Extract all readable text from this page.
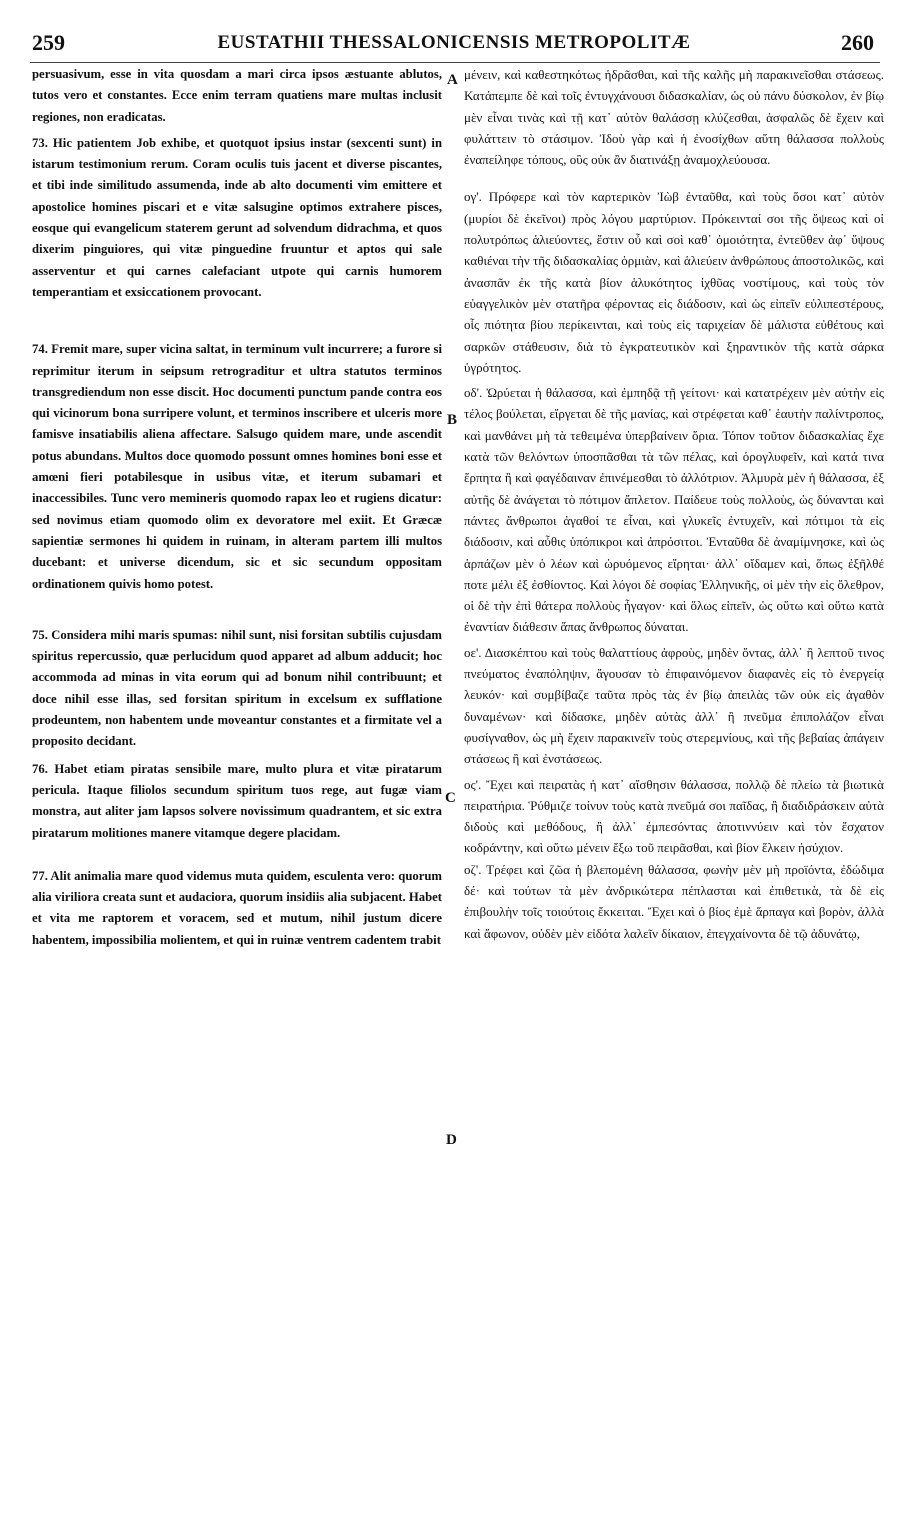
259	EUSTATHII THESSALONICENSIS METROPOLITÆ	260

persuasivum, esse in vita quosdam a mari circa ipsos æstuante ablutos, tutos vero et constantes. Ecce enim terram quatiens mare multas inclusit regiones, non eradicatas.

73. Hic patientem Job exhibe, et quotquot ipsius instar (sexcenti sunt) in istarum testimonium rerum. Coram oculis tuis jacent et diverse piscantes, et tibi inde similitudo assumenda, inde ab alto documenti vim emittere et apostolice homines piscari et e vitæ salsugine optimos extrahere pisces, eosque qui evangelicum staterem gerunt ad solvendum didrachma, et quos dixerim pinguiores, qui vitæ pinguedine fruuntur et aptos qui sale asserventur et qui carnes calefaciant utpote qui carnis humorem temperantiam et exsiccationem provocant.

74. Fremit mare, super vicina saltat, in terminum vult incurrere; a furore si reprimitur iterum in seipsum retrograditur et ultra statutos terminos transgrediendum non esse discit. Hoc documenti punctum pande contra eos qui vicinorum bona surripere volunt, et terminos inscribere et ulceris more famisve insatiabilis aliena affectare. Salsugo quidem mare, unde ascendit potus abundans. Multos doce quomodo possunt omnes homines boni esse et amœni fieri potabilesque in usibus vitæ, et iterum subamari et inaccessibiles. Tunc vero memineris quomodo rapax leo et rugiens dicatur: sed novimus etiam quomodo olim ex devoratore mel exiit. Et Græcæ sapientiæ sermones hi quidem in ruinam, in alteram partem illi multos ducebant: et universe dicendum, sic et sic secundum oppositam ordinationem quivis homo potest.

75. Considera mihi maris spumas: nihil sunt, nisi forsitan subtilis cujusdam spiritus repercussio, quæ perlucidum quod apparet ad album adducit; hoc accommoda ad minas in vita eorum qui ad bonum nihil contribuunt; et doce nihil esse illas, sed forsitan spiritum in excelsum ex sufflatione prodeuntem, non habentem unde moveantur constantes et a firmitate vel a proposito decidant.

76. Habet etiam piratas sensibile mare, multo plura et vitæ piratarum pericula. Itaque filiolos secundum spiritum tuos rege, aut fugæ viam monstra, aut aliter jam lapsos solvere novissimum quadrantem, et sic extra piratarum molitiones manere vitamque degere placidam.

77. Alit animalia mare quod videmus muta quidem, esculenta vero: quorum alia viriliora creata sunt et audaciora, quorum insidiis alia subjacent. Habet et vita me raptorem et voracem, sed et mutum, nihil justum dicere habentem, impossibilia molientem, et qui in ruinæ ventrem cadentem trabit

μένειν, καὶ καθεστηκότως ἡδρᾶσθαι, καὶ τῆς καλῆς μὴ παρακινεῖσθαι στάσεως. Κατάπεμπε δὲ καὶ τοῖς ἐντυγχάνουσι διδασκαλίαν, ὡς οὐ πάνυ δύσκολον, ἐν βίῳ μὲν εἶναι τινὰς καὶ τῇ κατ᾽ αὐτὸν θαλάσσῃ κλύζεσθαι, ἀσφαλῶς δὲ ἔχειν καὶ φυλάττειν τὸ στάσιμον. Ἰδοὺ γὰρ καὶ ἡ ἐνοσίχθων αὕτη θάλασσα πολλοὺς ἐναπείληφε τόπους, οὓς οὐκ ἂν διατινάξῃ ἀναμοχλεύουσα.

ογ'. Πρόφερε καὶ τὸν καρτερικὸν Ἰὼβ ἐνταῦθα, καὶ τοὺς ὅσοι κατ᾽ αὐτὸν (μυρίοι δὲ ἐκεῖνοι) πρὸς λόγου μαρτύριον. Πρόκεινταί σοι τῆς ὄψεως καὶ οἱ πολυτρόπως ἁλιεύοντες, ἔστιν οὖ καὶ σοὶ καθ᾽ ὁμοιότητα, ἐντεῦθεν ἀφ᾽ ὕψους καθιέναι τὴν τῆς διδασκαλίας ὁρμιὰν, καὶ ἁλιεύειν ἀνθρώπους ἀποστολικῶς, καὶ ἀνασπᾶν ἐκ τῆς κατὰ βίον ἁλυκότητος ἰχθῦας νοστίμους, καὶ τοὺς τὸν εὐαγγελικὸν μὲν στατῆρα φέροντας εἰς διάδοσιν, καὶ ὡς εἰπεῖν εὐλιπεστέρους, οἷς πιότητα βίου περίκεινται, καὶ τοὺς εἰς ταριχείαν δὲ μάλιστα εὐθέτους καὶ σαρκῶν στάθευσιν, διὰ τὸ ἐγκρατευτικὸν καὶ ξηραντικὸν τῆς κατὰ σάρκα ὑγρότητος.

οδ'. Ὠρύεται ἡ θάλασσα, καὶ ἐμπηδᾷ τῇ γείτονι· καὶ κατατρέχειν μὲν αὐτὴν εἰς τέλος βούλεται, εἴργεται δὲ τῆς μανίας, καὶ στρέφεται καθ᾽ ἑαυτὴν παλίντροπος, καὶ μανθάνει μὴ τὰ τεθειμένα ὑπερβαίνειν ὅρια. Τόπον τοῦτον διδασκαλίας ἔχε κατὰ τῶν θελόντων ὑποσπᾶσθαι τὰ τῶν πέλας, καὶ ὁρογλυφεῖν, καὶ κατά τινα ἕρπητα ἢ καὶ φαγέδαιναν ἐπινέμεσθαι τὸ ἀλλότριον. Ἁλμυρὰ μὲν ἡ θάλασσα, ἐξ αὐτῆς δὲ ἀνάγεται τὸ πότιμον ἄπλετον. Παίδευε τοὺς πολλοὺς, ὡς δύνανται καὶ πάντες ἄνθρωποι ἀγαθοί τε εἶναι, καὶ γλυκεῖς ἐντυχεῖν, καὶ πότιμοι τὰ εἰς διάδοσιν, καὶ αὖθις ὑπόπικροι καὶ ἀπρόσιτοι. Ἐνταῦθα δὲ ἀναμίμνησκε, καὶ ὡς ἁρπάζων μὲν ὁ λέων καὶ ὠρυόμενος εἴρηται· ἀλλ᾽ οἴδαμεν καὶ, ὅπως ἐξῆλθέ ποτε μέλι ἐξ ἐσθίοντος. Καὶ λόγοι δὲ σοφίας Ἑλληνικῆς, οἱ μὲν τὴν εἰς ὄλεθρον, οἱ δὲ τὴν ἐπὶ θάτερα πολλοὺς ἦγαγον· καὶ ὅλως εἰπεῖν, ὡς οὕτω καὶ οὕτω κατὰ ἐναντίαν διάθεσιν ἅπας ἄνθρωπος δύναται.

οε'. Διασκέπτου καὶ τοὺς θαλαττίους ἀφροὺς, μηδὲν ὄντας, ἀλλ᾽ ἢ λεπτοῦ τινος πνεύματος ἐναπόληψιν, ἄγουσαν τὸ ἐπιφαινόμενον διαφανὲς εἰς τὸ ἐνεργείᾳ λευκόν· καὶ συμβίβαζε ταῦτα πρὸς τὰς ἐν βίῳ ἀπειλὰς τῶν οὐκ εἰς ἀγαθὸν δυναμένων· καὶ δίδασκε, μηδὲν αὐτὰς ἀλλ᾽ ἢ πνεῦμα ἐπιπολάζον εἶναι φυσίγναθον, ὡς μὴ ἔχειν παρακινεῖν τοὺς στερεμνίους, καὶ τῆς βεβαίας ἀπάγειν στάσεως ἢ καὶ ἐνστάσεως.

ος'. Ἔχει καὶ πειρατὰς ἡ κατ᾽ αἴσθησιν θάλασσα, πολλῷ δὲ πλείω τὰ βιωτικὰ πειρατήρια. Ῥύθμιζε τοίνυν τοὺς κατὰ πνεῦμά σοι παῖδας, ἢ διαδιδράσκειν αὐτὰ διδοὺς καὶ μεθόδους, ἢ ἀλλ᾽ ἐμπεσόντας ἀποτιννύειν καὶ τὸν ἔσχατον κοδράντην, καὶ οὕτω μένειν ἔξω τοῦ πειρᾶσθαι, καὶ βίον ἕλκειν ἡσύχιον.

οζ'. Τρέφει καὶ ζῶα ἡ βλεπομένη θάλασσα, φωνὴν μὲν μὴ προϊόντα, ἐδώδιμα δέ· καὶ τούτων τὰ μὲν ἀνδρικώτερα πέπλασται καὶ ἐπιθετικὰ, τὰ δὲ εἰς ἐπιβουλὴν τοῖς τοιούτοις ἔκκειται. Ἔχει καὶ ὁ βίος ἐμὲ ἅρπαγα καὶ βορὸν, ἀλλὰ καὶ ἄφωνον, οὐδὲν μὲν εἰδότα λαλεῖν δίκαιον, ἐπεγχαίνοντα δὲ τῷ ἀδυνάτῳ,

A
B
C
D
